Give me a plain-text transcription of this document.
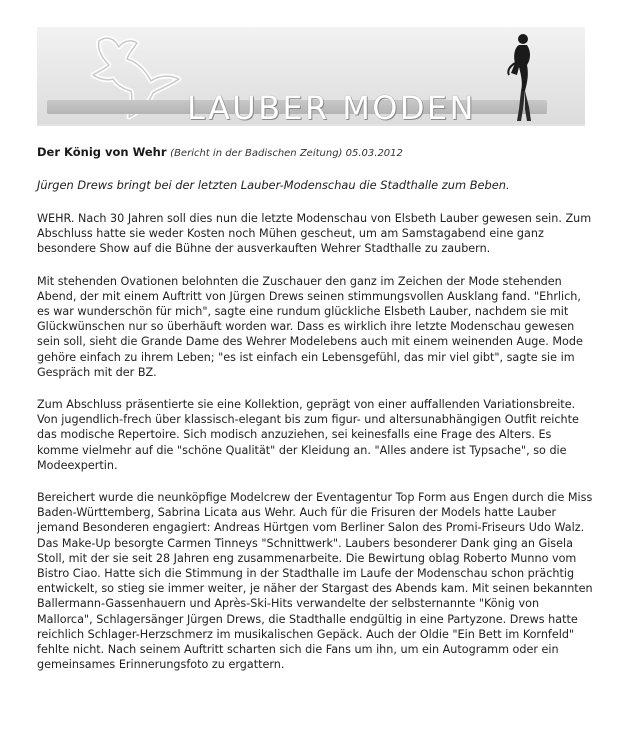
LAUBER MODEN
Der König von Wehr (Bericht in der Badischen Zeitung) 05.03.2012
Jürgen Drews bringt bei der letzten Lauber-Modenschau die Stadthalle zum Beben.

WEHR. Nach 30 Jahren soll dies nun die letzte Modenschau von Elsbeth Lauber gewesen sein. Zum Abschluss hatte sie weder Kosten noch Mühen gescheut, um am Samstagabend eine ganz besondere Show auf die Bühne der ausverkauften Wehrer Stadthalle zu zaubern.

Mit stehenden Ovationen belohnten die Zuschauer den ganz im Zeichen der Mode stehenden Abend, der mit einem Auftritt von Jürgen Drews seinen stimmungsvollen Ausklang fand. "Ehrlich, es war wunderschön für mich", sagte eine rundum glückliche Elsbeth Lauber, nachdem sie mit Glückwünschen nur so überhäuft worden war. Dass es wirklich ihre letzte Modenschau gewesen sein soll, sieht die Grande Dame des Wehrer Modelebens auch mit einem weinenden Auge. Mode gehöre einfach zu ihrem Leben; "es ist einfach ein Lebensgefühl, das mir viel gibt", sagte sie im Gespräch mit der BZ.

Zum Abschluss präsentierte sie eine Kollektion, geprägt von einer auffallenden Variationsbreite. Von jugendlich-frech über klassisch-elegant bis zum figur- und altersunabhängigen Outfit reichte das modische Repertoire. Sich modisch anzuziehen, sei keinesfalls eine Frage des Alters. Es komme vielmehr auf die "schöne Qualität" der Kleidung an. "Alles andere ist Typsache", so die Modeexpertin.

Bereichert wurde die neunköpfige Modelcrew der Eventagentur Top Form aus Engen durch die Miss Baden-Württemberg, Sabrina Licata aus Wehr. Auch für die Frisuren der Models hatte Lauber jemand Besonderen engagiert: Andreas Hürtgen vom Berliner Salon des Promi-Friseurs Udo Walz. Das Make-Up besorgte Carmen Tinneys "Schnittwerk". Laubers besonderer Dank ging an Gisela Stoll, mit der sie seit 28 Jahren eng zusammenarbeite. Die Bewirtung oblag Roberto Munno vom Bistro Ciao. Hatte sich die Stimmung in der Stadthalle im Laufe der Modenschau schon prächtig entwickelt, so stieg sie immer weiter, je näher der Stargast des Abends kam. Mit seinen bekannten Ballermann-Gassenhauern und Après-Ski-Hits verwandelte der selbsternannte "König von Mallorca", Schlagersänger Jürgen Drews, die Stadthalle endgültig in eine Partyzone. Drews hatte reichlich Schlager-Herzschmerz im musikalischen Gepäck. Auch der Oldie "Ein Bett im Kornfeld" fehlte nicht. Nach seinem Auftritt scharten sich die Fans um ihn, um ein Autogramm oder ein gemeinsames Erinnerungsfoto zu ergattern.
